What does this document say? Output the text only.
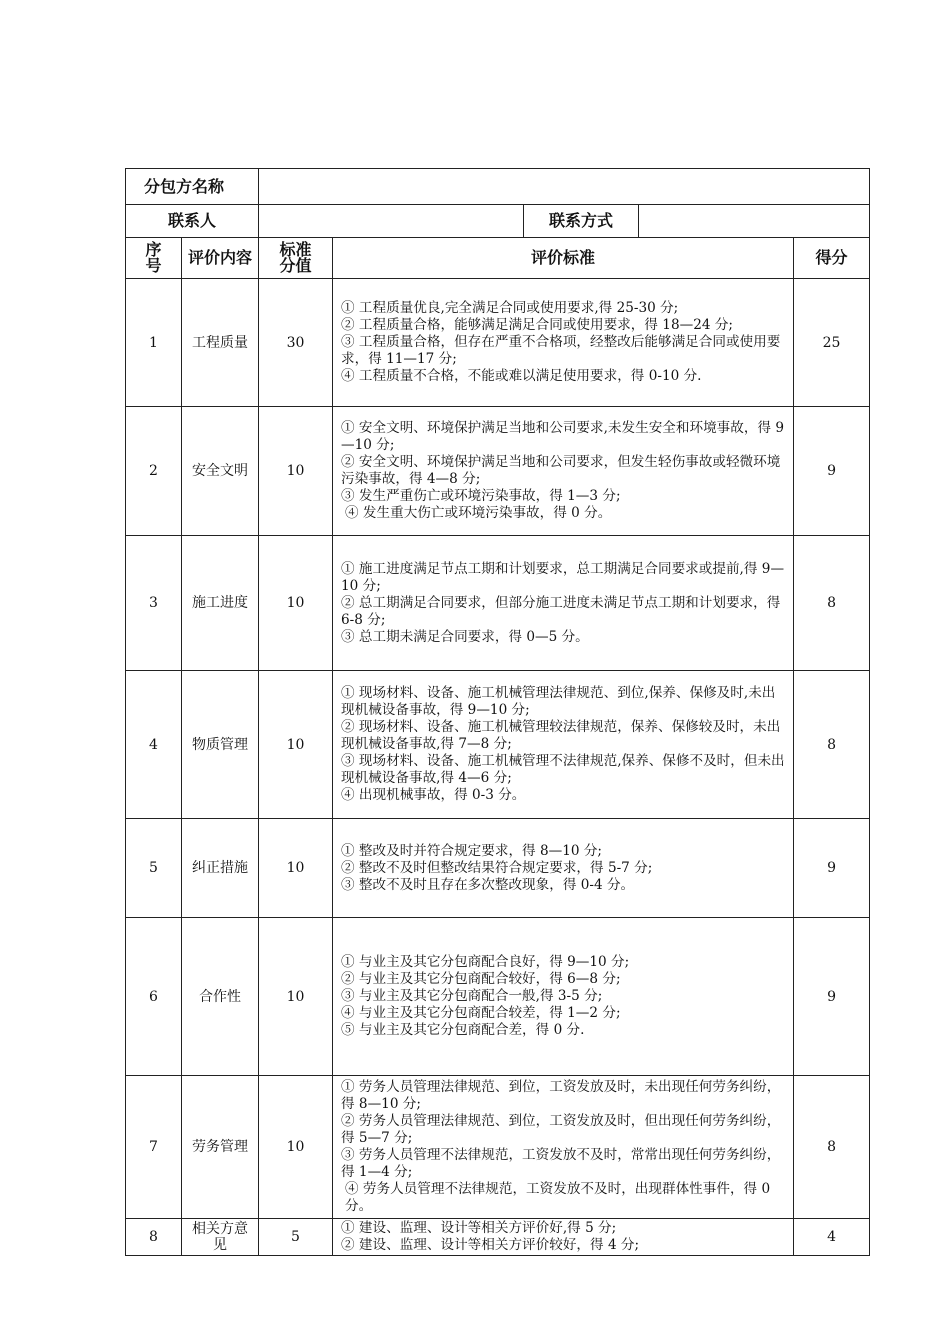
分包方名称						
联系人				联系方式		
序号	评价内容	标准分值	评价标准			得分
1	工程质量	30	① 工程质量优良,完全满足合同或使用要求,得 25-30 分;
② 工程质量合格，能够满足满足合同或使用要求，得 18—24 分;
③ 工程质量合格，但存在严重不合格项，经整改后能够满足合同或使用要求，得 11—17 分;
④ 工程质量不合格，不能或难以满足使用要求，得 0-10 分.			25
2	安全文明	10	① 安全文明、环境保护满足当地和公司要求,未发生安全和环境事故，得 9—10 分;
② 安全文明、环境保护满足当地和公司要求，但发生轻伤事故或轻微环境污染事故，得 4—8 分;
③ 发生严重伤亡或环境污染事故，得 1—3 分;
④ 发生重大伤亡或环境污染事故，得 0 分。			9
3	施工进度	10	① 施工进度满足节点工期和计划要求，总工期满足合同要求或提前,得 9—10 分;
② 总工期满足合同要求，但部分施工进度未满足节点工期和计划要求，得 6-8 分;
③ 总工期未满足合同要求，得 0—5 分。			8
4	物质管理	10	① 现场材料、设备、施工机械管理法律规范、到位,保养、保修及时,未出现机械设备事故，得 9—10 分;
② 现场材料、设备、施工机械管理较法律规范，保养、保修较及时，未出现机械设备事故,得 7—8 分;
③ 现场材料、设备、施工机械管理不法律规范,保养、保修不及时，但未出现机械设备事故,得 4—6 分;
④ 出现机械事故，得 0-3 分。			8
5	纠正措施	10	① 整改及时并符合规定要求，得 8—10 分;
② 整改不及时但整改结果符合规定要求，得 5-7 分;
③ 整改不及时且存在多次整改现象，得 0-4 分。			9
6	合作性	10	① 与业主及其它分包商配合良好，得 9—10 分;
② 与业主及其它分包商配合较好，得 6—8 分;
③ 与业主及其它分包商配合一般,得 3-5 分;
④ 与业主及其它分包商配合较差，得 1—2 分;
⑤ 与业主及其它分包商配合差，得 0 分.			9
7	劳务管理	10	① 劳务人员管理法律规范、到位，工资发放及时，未出现任何劳务纠纷，得 8—10 分;
② 劳务人员管理法律规范、到位，工资发放及时，但出现任何劳务纠纷，得 5—7 分;
③ 劳务人员管理不法律规范，工资发放不及时，常常出现任何劳务纠纷，得 1—4 分;
④ 劳务人员管理不法律规范，工资发放不及时，出现群体性事件，得 0 分。			8
8	相关方意见	5	① 建设、监理、设计等相关方评价好,得 5 分;
② 建设、监理、设计等相关方评价较好，得 4 分;			4
